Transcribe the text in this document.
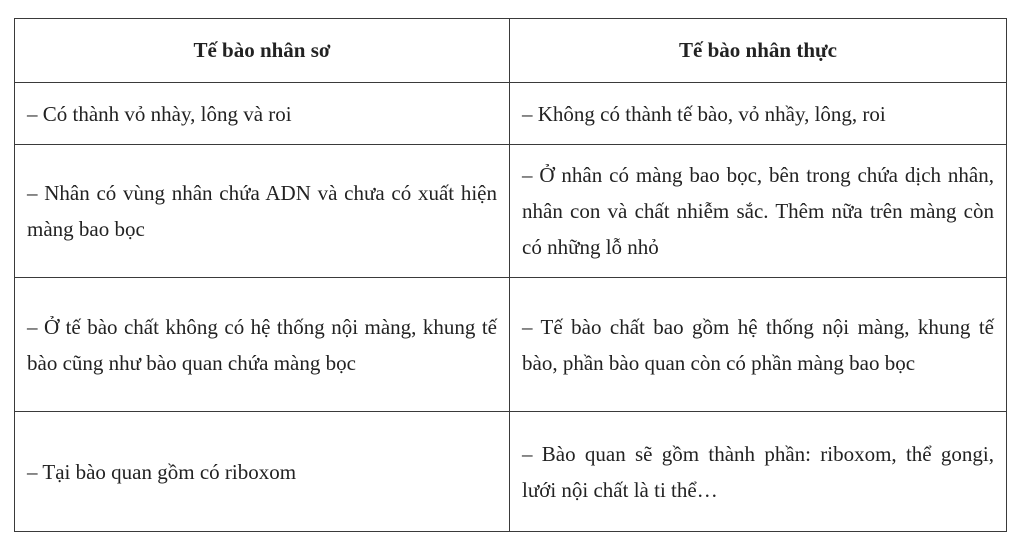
Tế bào nhân sơ	Tế bào nhân thực
– Có thành vỏ nhày, lông và roi	– Không có thành tế bào, vỏ nhầy, lông, roi
– Nhân có vùng nhân chứa ADN và chưa có xuất hiện màng bao bọc	– Ở nhân có màng bao bọc, bên trong chứa dịch nhân, nhân con và chất nhiễm sắc. Thêm nữa trên màng còn có những lỗ nhỏ
– Ở tế bào chất không có hệ thống nội màng, khung tế bào cũng như bào quan chứa màng bọc	– Tế bào chất bao gồm hệ thống nội màng, khung tế bào, phần bào quan còn có phần màng bao bọc
– Tại bào quan gồm có riboxom	– Bào quan sẽ gồm thành phần: riboxom, thể gongi, lưới nội chất là ti thể…
